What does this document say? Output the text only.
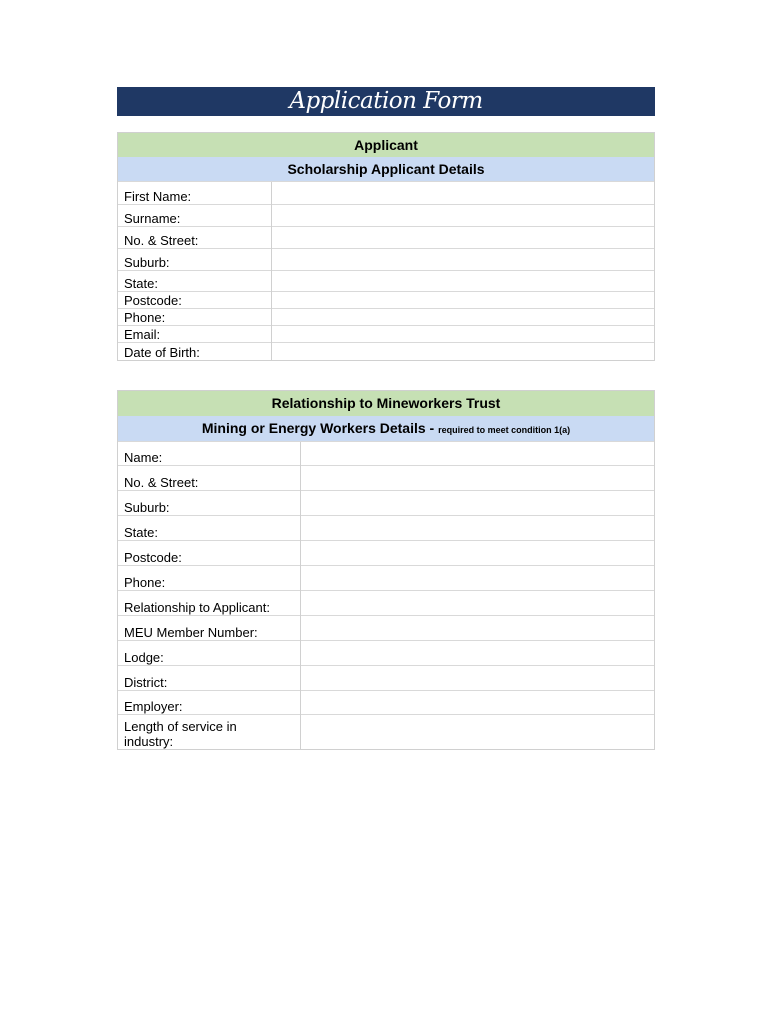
Application Form
Applicant
Scholarship Applicant Details
First Name:	
Surname:	
No. & Street:	
Suburb:	
State:	
Postcode:	
Phone:	
Email:	
Date of Birth:	
Relationship to Mineworkers Trust
Mining or Energy Workers Details - required to meet condition 1(a)
Name:	
No. & Street:	
Suburb:	
State:	
Postcode:	
Phone:	
Relationship to Applicant:	
MEU Member Number:	
Lodge:	
District:	
Employer:	
Length of service in industry:	
